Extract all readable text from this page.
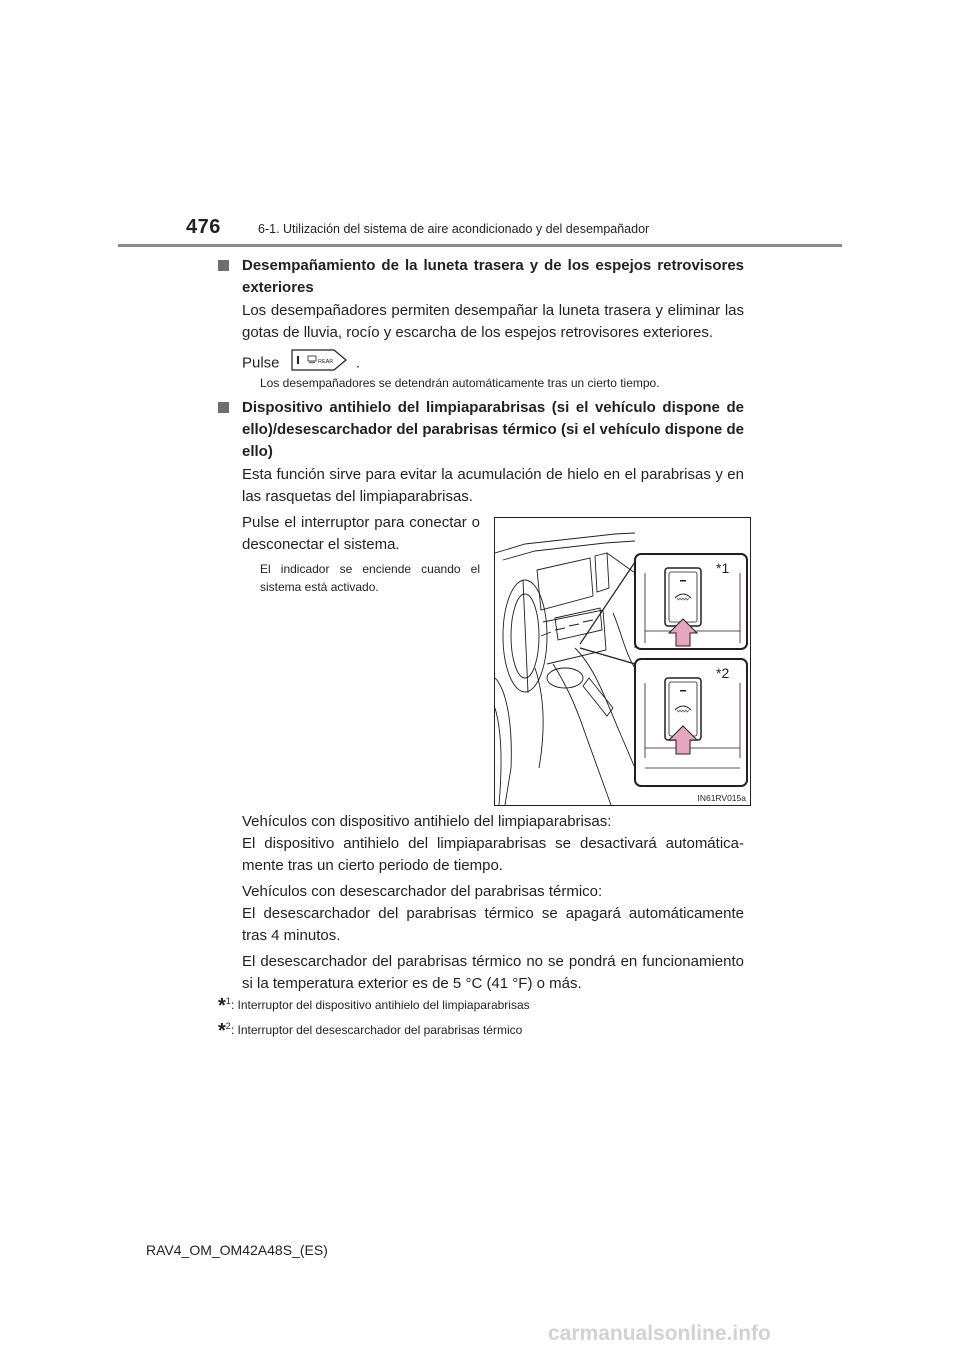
476	6-1. Utilización del sistema de aire acondicionado y del desempañador
Desempañamiento de la luneta trasera y de los espejos retrovisores exteriores
Los desempañadores permiten desempañar la luneta trasera y eliminar las gotas de lluvia, rocío y escarcha de los espejos retrovisores exteriores.
Pulse	REAR .
Los desempañadores se detendrán automáticamente tras un cierto tiempo.
Dispositivo antihielo del limpiaparabrisas (si el vehículo dispone de ello)/desescarchador del parabrisas térmico (si el vehículo dispone de ello)
Esta función sirve para evitar la acumulación de hielo en el parabrisas y en las rasquetas del limpiaparabrisas.
Pulse el interruptor para conectar o desconectar el sistema.
El indicador se enciende cuando el sistema está activado.
*1
*2
IN61RV015a
Vehículos con dispositivo antihielo del limpiaparabrisas:
El dispositivo antihielo del limpiaparabrisas se desactivará automática-mente tras un cierto periodo de tiempo.
Vehículos con desescarchador del parabrisas térmico:
El desescarchador del parabrisas térmico se apagará automáticamente tras 4 minutos.
El desescarchador del parabrisas térmico no se pondrá en funcionamiento si la temperatura exterior es de 5 °C (41 °F) o más.
*$^1$: Interruptor del dispositivo antihielo del limpiaparabrisas
*$^2$: Interruptor del desescarchador del parabrisas térmico
RAV4_OM_OM42A48S_(ES)
carmanualsonline.info
